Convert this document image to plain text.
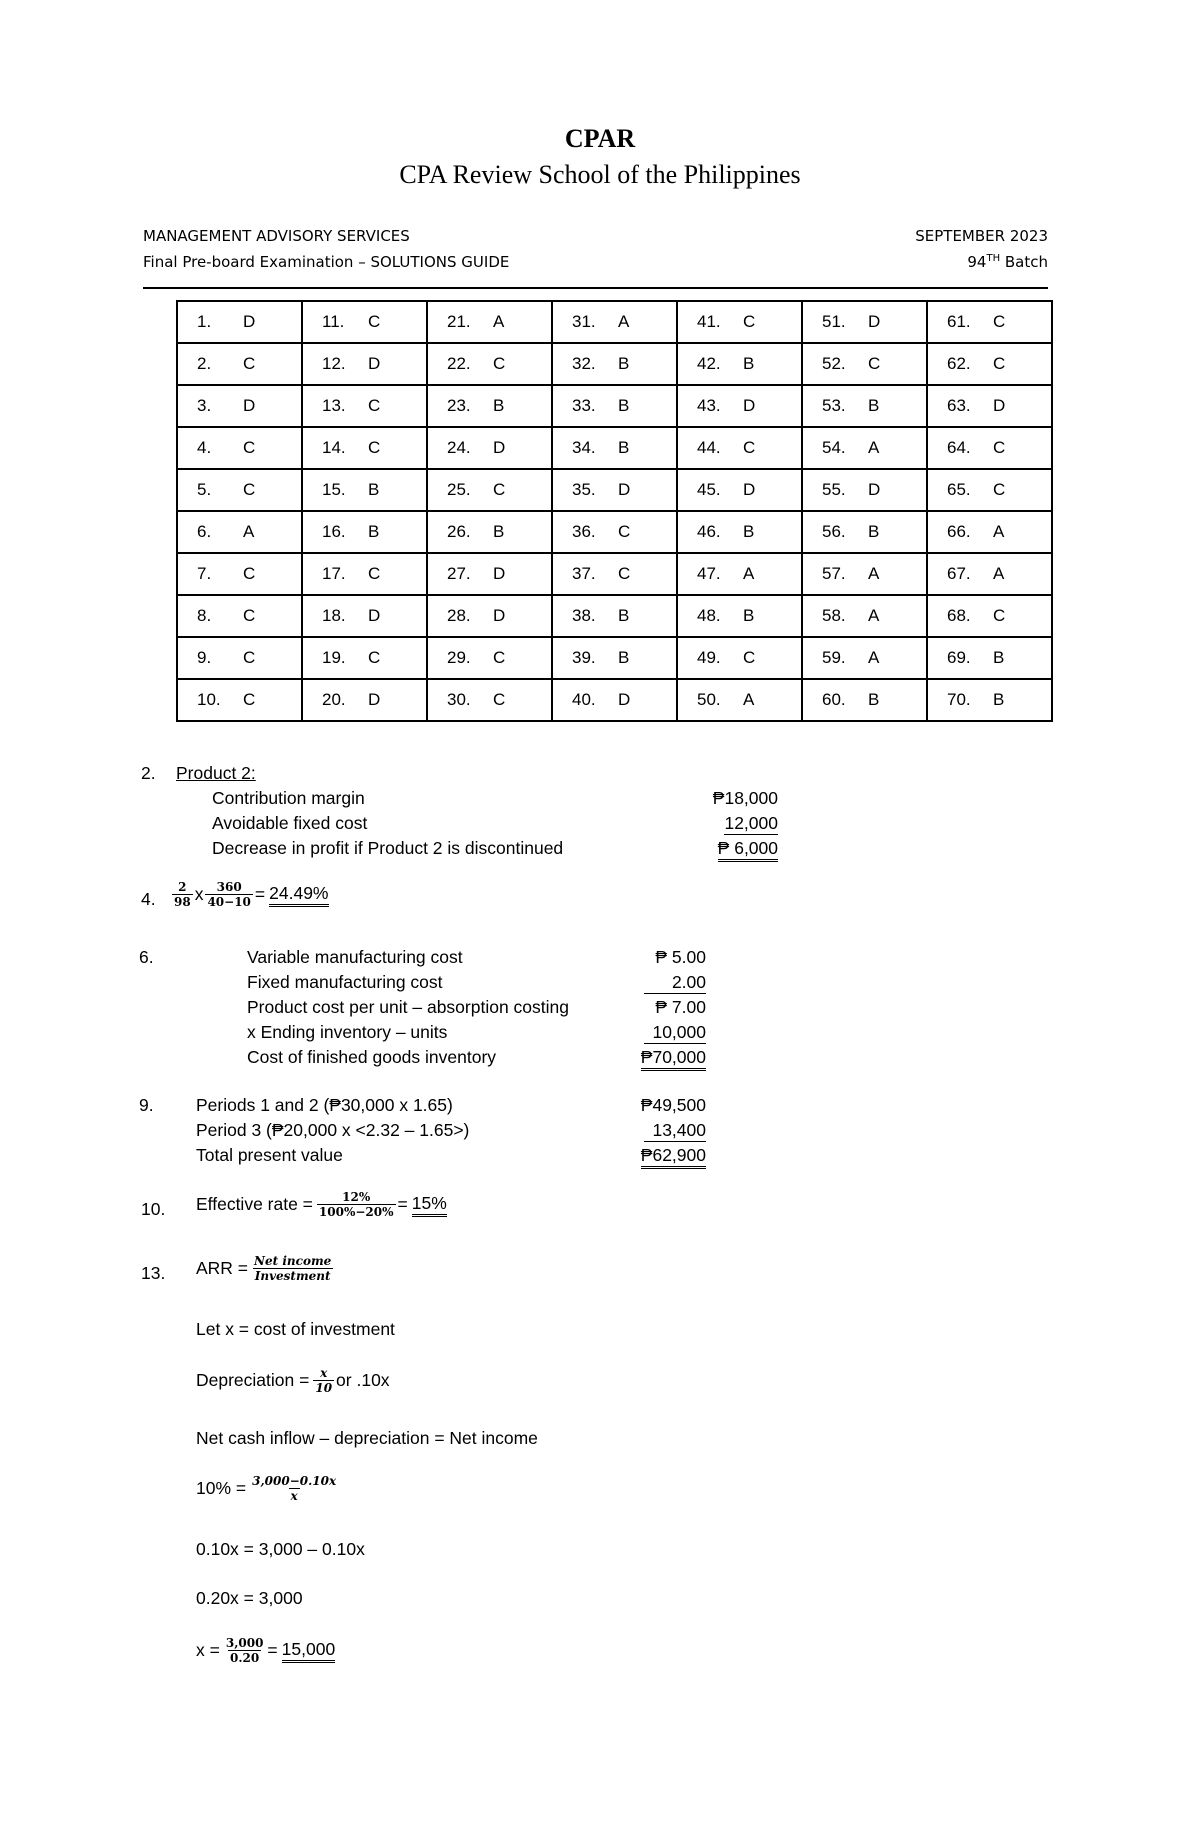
CPAR
CPA Review School of the Philippines
MANAGEMENT ADVISORY SERVICES
Final Pre-board Examination – SOLUTIONS GUIDE
SEPTEMBER 2023
94TH Batch
1. D	11. C	21. A	31. A	41. C	51. D	61. C
2. C	12. D	22. C	32. B	42. B	52. C	62. C
3. D	13. C	23. B	33. B	43. D	53. B	63. D
4. C	14. C	24. D	34. B	44. C	54. A	64. C
5. C	15. B	25. C	35. D	45. D	55. D	65. C
6. A	16. B	26. B	36. C	46. B	56. B	66. A
7. C	17. C	27. D	37. C	47. A	57. A	67. A
8. C	18. D	28. D	38. B	48. B	58. A	68. C
9. C	19. C	29. C	39. B	49. C	59. A	69. B
10. C	20. D	30. C	40. D	50. A	60. B	70. B
2. Product 2:
Contribution margin	₱18,000
Avoidable fixed cost	12,000
Decrease in profit if Product 2 is discontinued	₱ 6,000
4. $\frac{2}{98}$ x $\frac{360}{40-10} = 24.49\%$
6.	Variable manufacturing cost	₱ 5.00
Fixed manufacturing cost	2.00
Product cost per unit – absorption costing	₱ 7.00
x Ending inventory – units	10,000
Cost of finished goods inventory	₱70,000
9. Periods 1 and 2 (₱30,000 x 1.65)	₱49,500
Period 3 (₱20,000 x <2.32 – 1.65>)	13,400
Total present value	₱62,900
10. Effective rate = $\frac{12\%}{100\%-20\%} = 15\%$
13. ARR = $\frac{\text{Net income}}{\text{Investment}}$
Let x = cost of investment
Depreciation = $\frac{x}{10}$ or .10x
Net cash inflow – depreciation = Net income
$10\% = \frac{3,000-0.10x}{x}$
0.10x = 3,000 – 0.10x
0.20x = 3,000
$x = \frac{3,000}{0.20} = 15,000$
